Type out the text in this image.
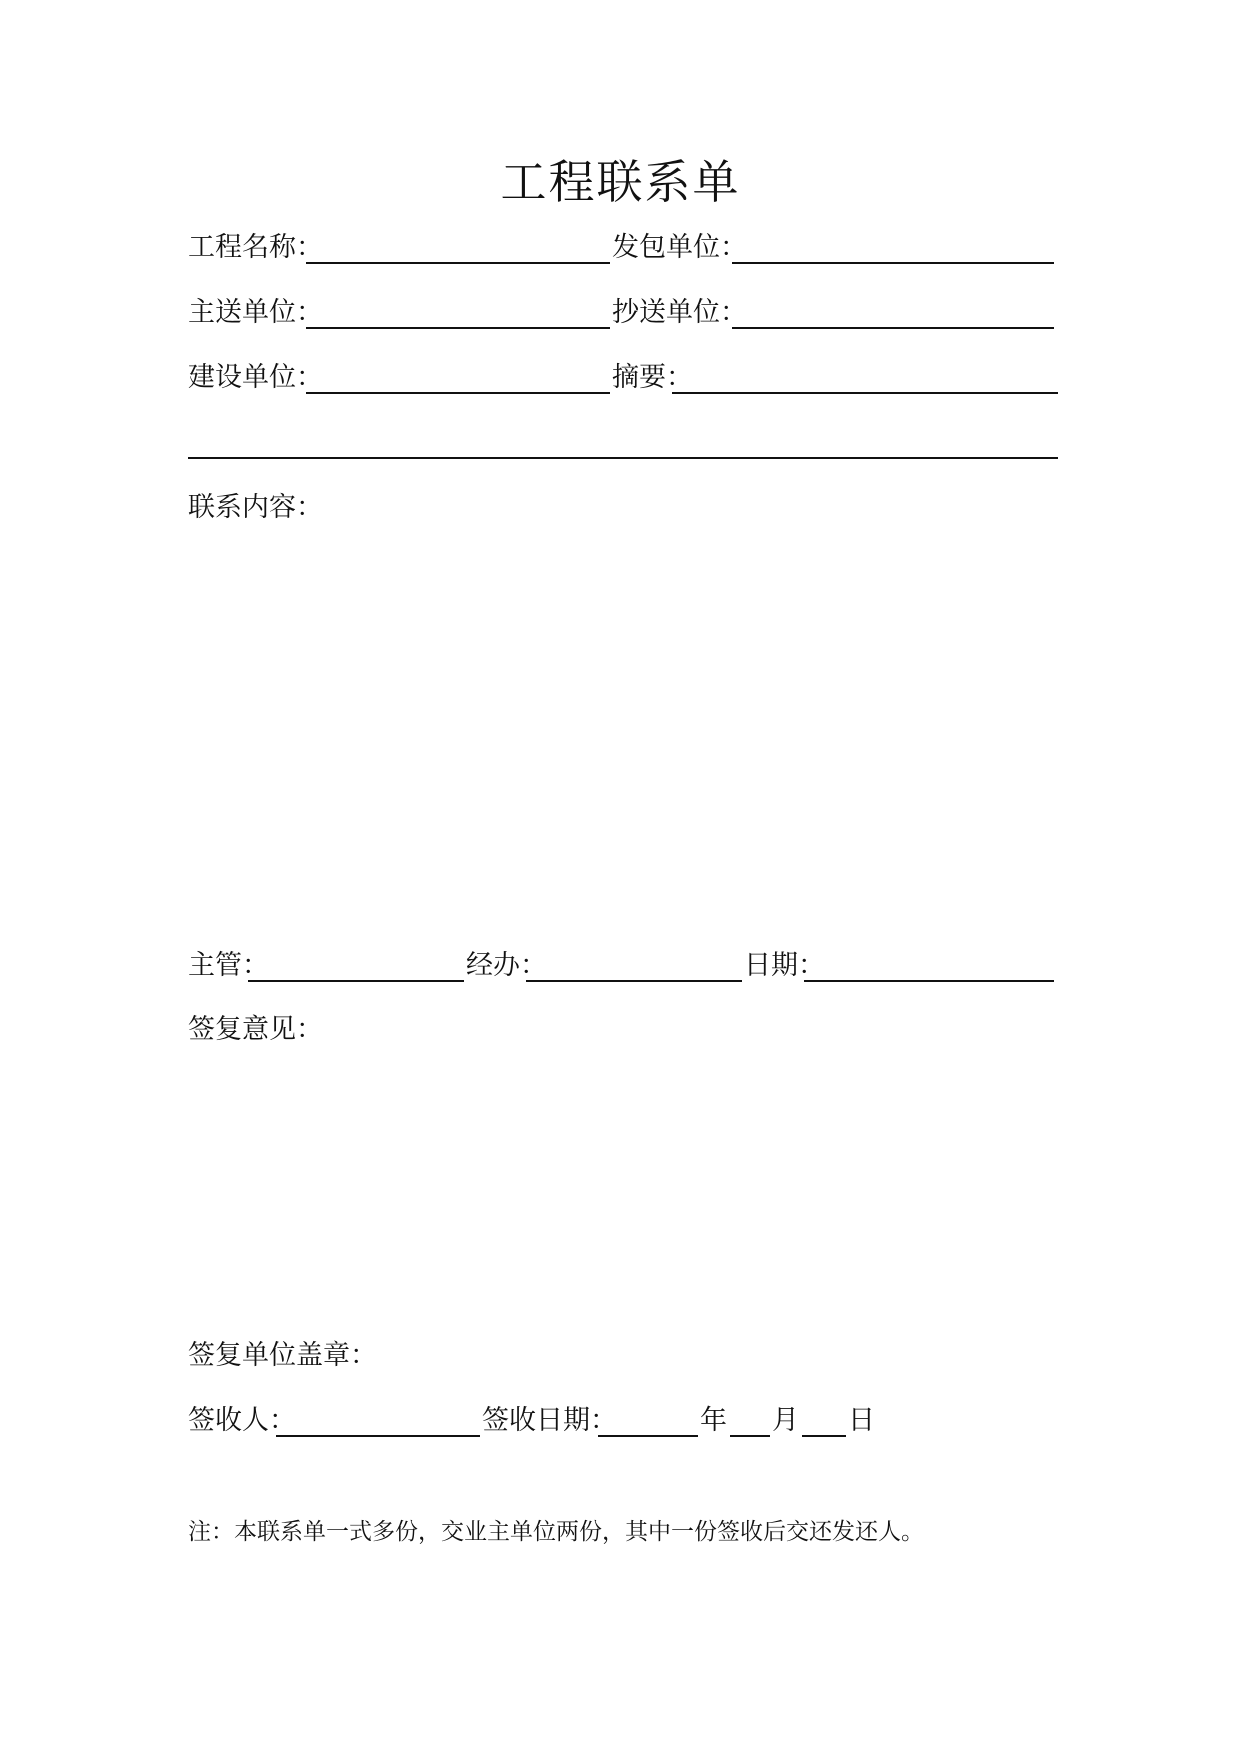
工程联系单
工程名称：	发包单位：
主送单位：	抄送单位：
建设单位：	摘要：
联系内容：
主管：	经办：	日期：
签复意见：
签复单位盖章：
签收人：	签收日期：	年 月 日
注：本联系单一式多份，交业主单位两份，其中一份签收后交还发还人。
